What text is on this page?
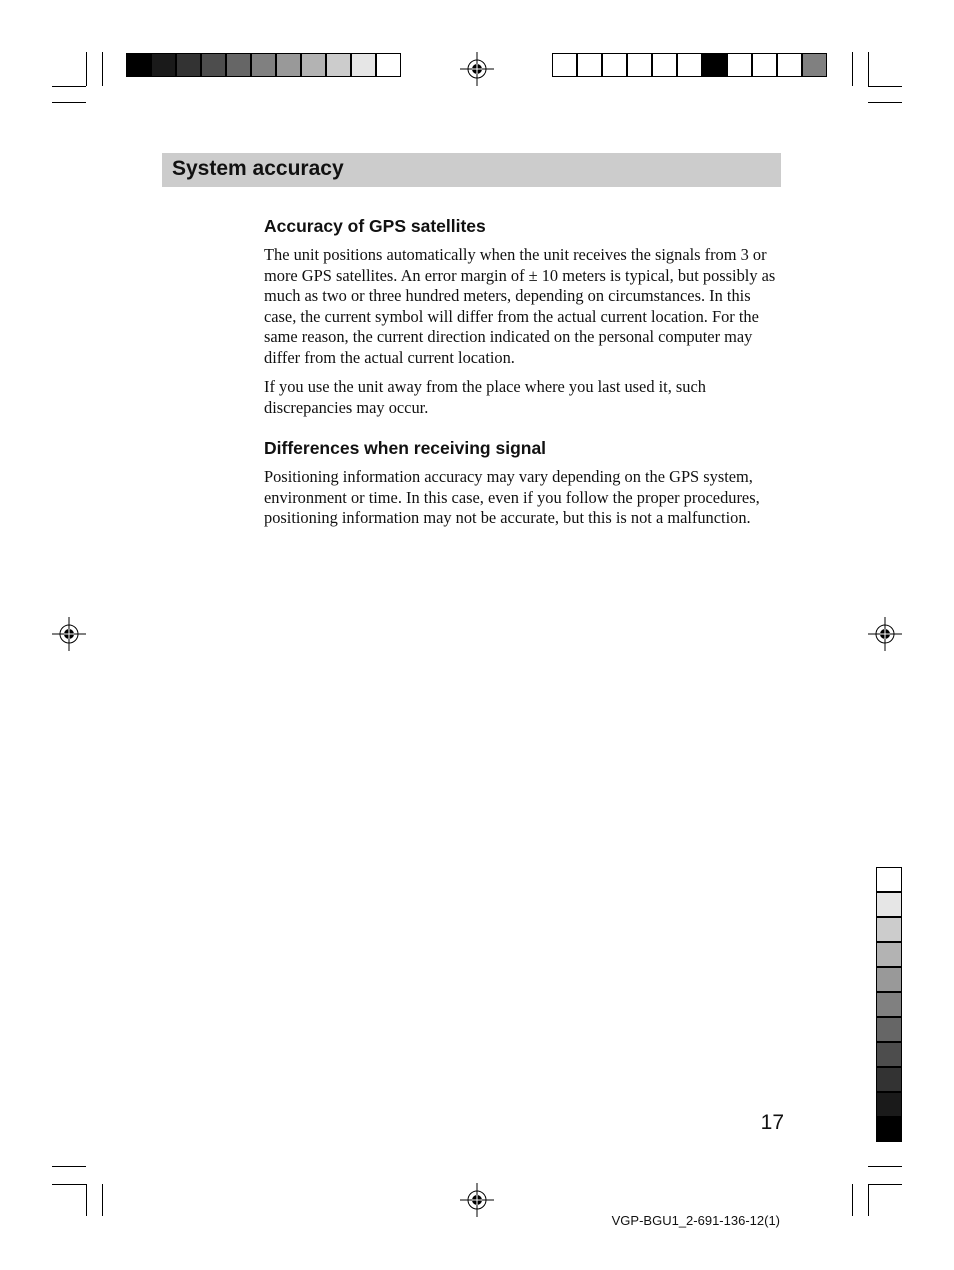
System accuracy
Accuracy of GPS satellites
The unit positions automatically when the unit receives the signals from 3 or more GPS satellites. An error margin of ± 10 meters is typical, but possibly as much as two or three hundred meters, depending on circumstances. In this case, the current symbol will differ from the actual current location. For the same reason, the current direction indicated on the personal computer may differ from the actual current location.
If you use the unit away from the place where you last used it, such discrepancies may occur.
Differences when receiving signal
Positioning information accuracy may vary depending on the GPS system, environment or time. In this case, even if you follow the proper procedures, positioning information may not be accurate, but this is not a malfunction.
17
VGP-BGU1_2-691-136-12(1)
